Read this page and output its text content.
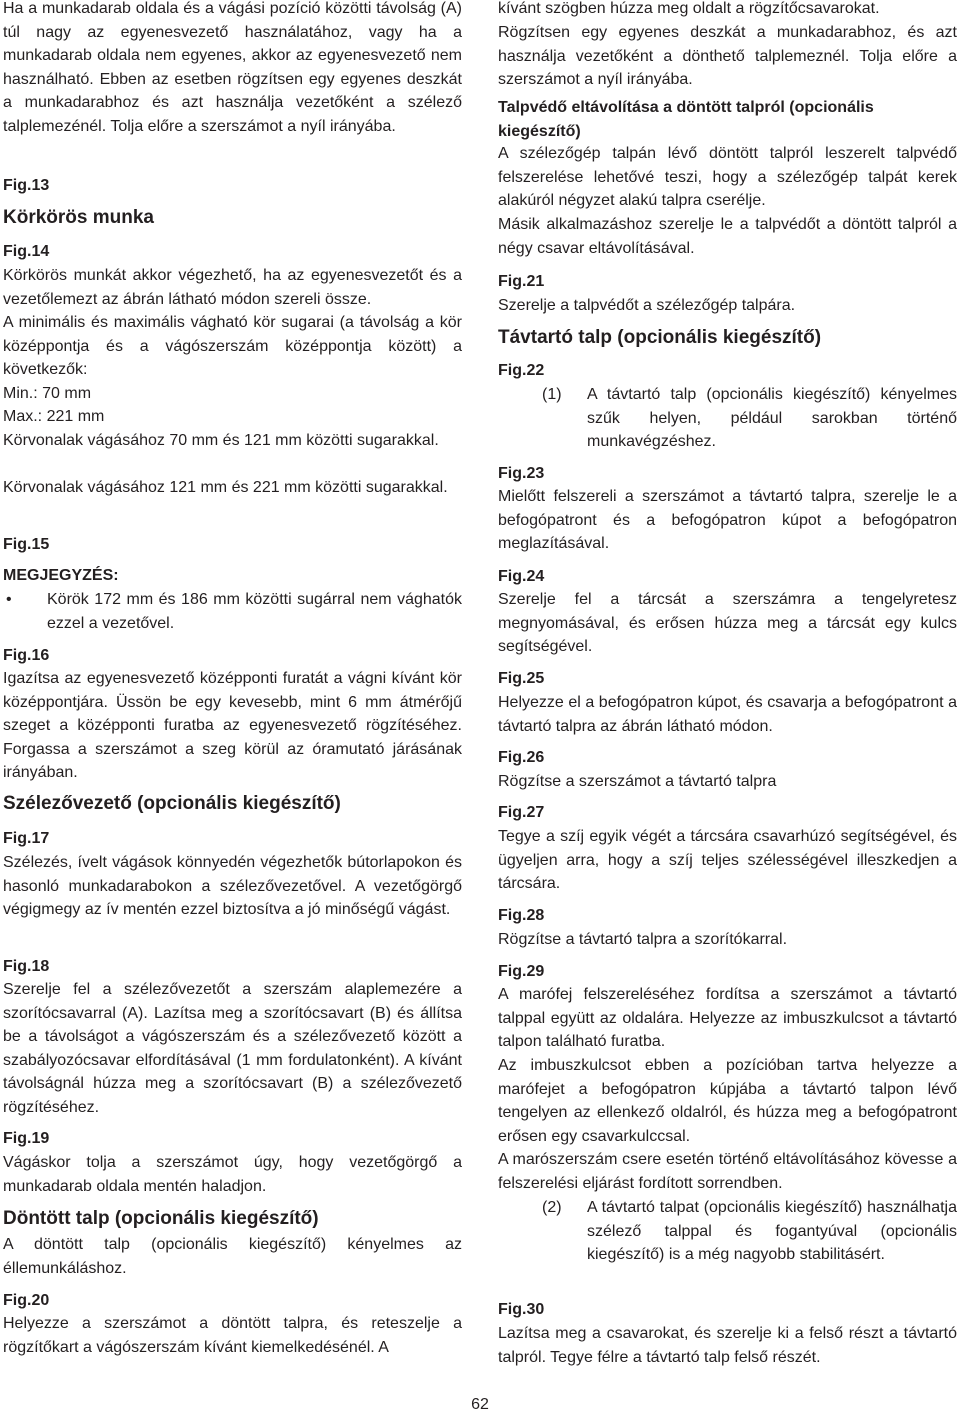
Ha a munkadarab oldala és a vágási pozíció közötti távolság (A) túl nagy az egyenesvezető használatához, vagy ha a munkadarab oldala nem egyenes, akkor az egyenesvezető nem használható. Ebben az esetben rögzítsen egy egyenes deszkát a munkadarabhoz és azt használja vezetőként a szélező talplemezénél. Tolja előre a szerszámot a nyíl irányába.

Fig.13
Körkörös munka
Fig.14

Körkörös munkát akkor végezhető, ha az egyenesvezetőt és a vezetőlemezt az ábrán látható módon szereli össze.

A minimális és maximális vágható kör sugarai (a távolság a kör középpontja és a vágószerszám középpontja között) a következők:

Min.: 70 mm
Max.: 221 mm

Körvonalak vágásához 70 mm és 121 mm közötti sugarakkal.

Körvonalak vágásához 121 mm és 221 mm közötti sugarakkal.

Fig.15
MEGJEGYZÉS:
• Körök 172 mm és 186 mm közötti sugárral nem vághatók ezzel a vezetővel.
Fig.16

Igazítsa az egyenesvezető középponti furatát a vágni kívánt kör középpontjára. Üssön be egy kevesebb, mint 6 mm átmérőjű szeget a középponti furatba az egyenesvezető rögzítéséhez. Forgassa a szerszámot a szeg körül az óramutató járásának irányában.

Szélezővezető (opcionális kiegészítő)
Fig.17

Szélezés, ívelt vágások könnyedén végezhetők bútorlapokon és hasonló munkadarabokon a szélezővezetővel. A vezetőgörgő végigmegy az ív mentén ezzel biztosítva a jó minőségű vágást.

Fig.18

Szerelje fel a szélezővezetőt a szerszám alaplemezére a szorítócsavarral (A). Lazítsa meg a szorítócsavart (B) és állítsa be a távolságot a vágószerszám és a szélezővezető között a szabályozócsavar elfordításával (1 mm fordulatonként). A kívánt távolságnál húzza meg a szorítócsavart (B) a szélezővezető rögzítéséhez.

Fig.19

Vágáskor tolja a szerszámot úgy, hogy vezetőgörgő a munkadarab oldala mentén haladjon.

Döntött talp (opcionális kiegészítő)

A döntött talp (opcionális kiegészítő) kényelmes az éllemunkáláshoz.

Fig.20

Helyezze a szerszámot a döntött talpra, és reteszelje a rögzítőkart a vágószerszám kívánt kiemelkedésénél. A

kívánt szögben húzza meg oldalt a rögzítőcsavarokat.

Rögzítsen egy egyenes deszkát a munkadarabhoz, és azt használja vezetőként a dönthető talplemeznél. Tolja előre a szerszámot a nyíl irányába.

Talpvédő eltávolítása a döntött talpról (opcionális kiegészítő)

A szélezőgép talpán lévő döntött talpról leszerelt talpvédő felszerelése lehetővé teszi, hogy a szélezőgép talpát kerek alakúról négyzet alakú talpra cserélje.

Másik alkalmazáshoz szerelje le a talpvédőt a döntött talpról a négy csavar eltávolításával.

Fig.21

Szerelje a talpvédőt a szélezőgép talpára.

Távtartó talp (opcionális kiegészítő)
Fig.22
(1) A távtartó talp (opcionális kiegészítő) kényelmes szűk helyen, például sarokban történő munkavégzéshez.
Fig.23

Mielőtt felszereli a szerszámot a távtartó talpra, szerelje le a befogópatront és a befogópatron kúpot a befogópatron meglazításával.

Fig.24

Szerelje fel a tárcsát a szerszámra a tengelyretesz megnyomásával, és erősen húzza meg a tárcsát egy kulcs segítségével.

Fig.25

Helyezze el a befogópatron kúpot, és csavarja a befogópatront a távtartó talpra az ábrán látható módon.

Fig.26

Rögzítse a szerszámot a távtartó talpra

Fig.27

Tegye a szíj egyik végét a tárcsára csavarhúzó segítségével, és ügyeljen arra, hogy a szíj teljes szélességével illeszkedjen a tárcsára.

Fig.28

Rögzítse a távtartó talpra a szorítókarral.

Fig.29

A marófej felszereléséhez fordítsa a szerszámot a távtartó talppal együtt az oldalára. Helyezze az imbuszkulcsot a távtartó talpon található furatba.

Az imbuszkulcsot ebben a pozícióban tartva helyezze a marófejet a befogópatron kúpjába a távtartó talpon lévő tengelyen az ellenkező oldalról, és húzza meg a befogópatront erősen egy csavarkulccsal.

A marószerszám csere esetén történő eltávolításához kövesse a felszerelési eljárást fordított sorrendben.

(2) A távtartó talpat (opcionális kiegészítő) használhatja szélező talppal és fogantyúval (opcionális kiegészítő) is a még nagyobb stabilitásért.
Fig.30

Lazítsa meg a csavarokat, és szerelje ki a felső részt a távtartó talpról. Tegye félre a távtartó talp felső részét.

62
